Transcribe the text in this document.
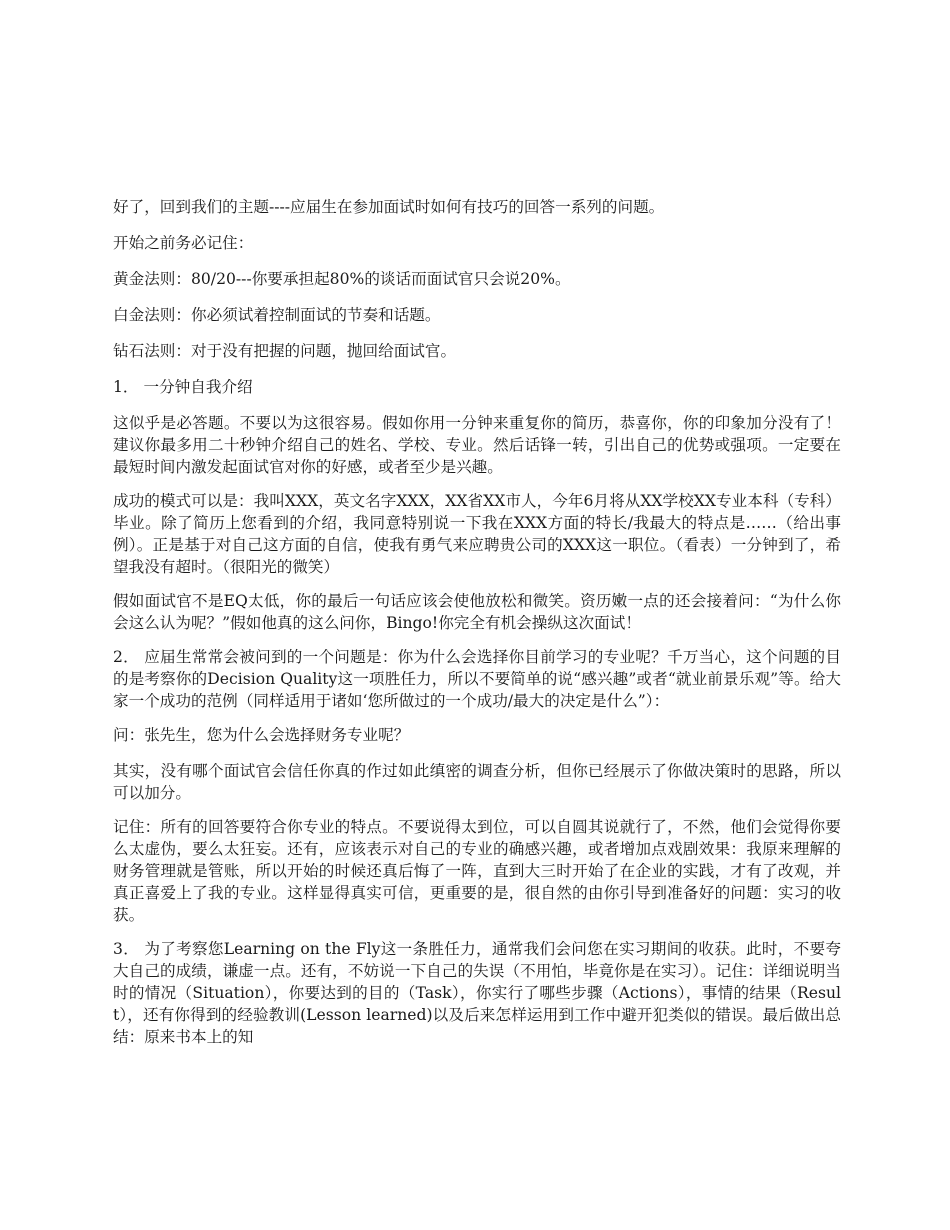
好了，回到我们的主题----应届生在参加面试时如何有技巧的回答一系列的问题。

开始之前务必记住：

黄金法则：80/20---你要承担起80%的谈话而面试官只会说20%。

白金法则：你必须试着控制面试的节奏和话题。

钻石法则：对于没有把握的问题，抛回给面试官。

1． 一分钟自我介绍

这似乎是必答题。不要以为这很容易。假如你用一分钟来重复你的简历，恭喜你，你的印象加分没有了！建议你最多用二十秒钟介绍自己的姓名、学校、专业。然后话锋一转，引出自己的优势或强项。一定要在最短时间内激发起面试官对你的好感，或者至少是兴趣。

成功的模式可以是：我叫XXX，英文名字XXX，XX省XX市人，今年6月将从XX学校XX专业本科（专科）毕业。除了简历上您看到的介绍，我同意特别说一下我在XXX方面的特长/我最大的特点是……（给出事例）。正是基于对自己这方面的自信，使我有勇气来应聘贵公司的XXX这一职位。（看表）一分钟到了，希望我没有超时。（很阳光的微笑）

假如面试官不是EQ太低，你的最后一句话应该会使他放松和微笑。资历嫩一点的还会接着问：“为什么你会这么认为呢？”假如他真的这么问你，Bingo!你完全有机会操纵这次面试！

2． 应届生常常会被问到的一个问题是：你为什么会选择你目前学习的专业呢？千万当心，这个问题的目的是考察你的Decision Quality这一项胜任力，所以不要简单的说“感兴趣”或者“就业前景乐观”等。给大家一个成功的范例（同样适用于诸如‘您所做过的一个成功/最大的决定是什么”）：

问：张先生，您为什么会选择财务专业呢？

其实，没有哪个面试官会信任你真的作过如此缜密的调查分析，但你已经展示了你做决策时的思路，所以可以加分。

记住：所有的回答要符合你专业的特点。不要说得太到位，可以自圆其说就行了，不然，他们会觉得你要么太虚伪，要么太狂妄。还有，应该表示对自己的专业的确感兴趣，或者增加点戏剧效果：我原来理解的财务管理就是管账，所以开始的时候还真后悔了一阵，直到大三时开始了在企业的实践，才有了改观，并真正喜爱上了我的专业。这样显得真实可信，更重要的是，很自然的由你引导到准备好的问题：实习的收获。

3． 为了考察您Learning on the Fly这一条胜任力，通常我们会问您在实习期间的收获。此时，不要夸大自己的成绩，谦虚一点。还有，不妨说一下自己的失误（不用怕，毕竟你是在实习）。记住：详细说明当时的情况（Situation），你要达到的目的（Task），你实行了哪些步骤（Actions），事情的结果（Result），还有你得到的经验教训(Lesson learned)以及后来怎样运用到工作中避开犯类似的错误。最后做出总结：原来书本上的知
